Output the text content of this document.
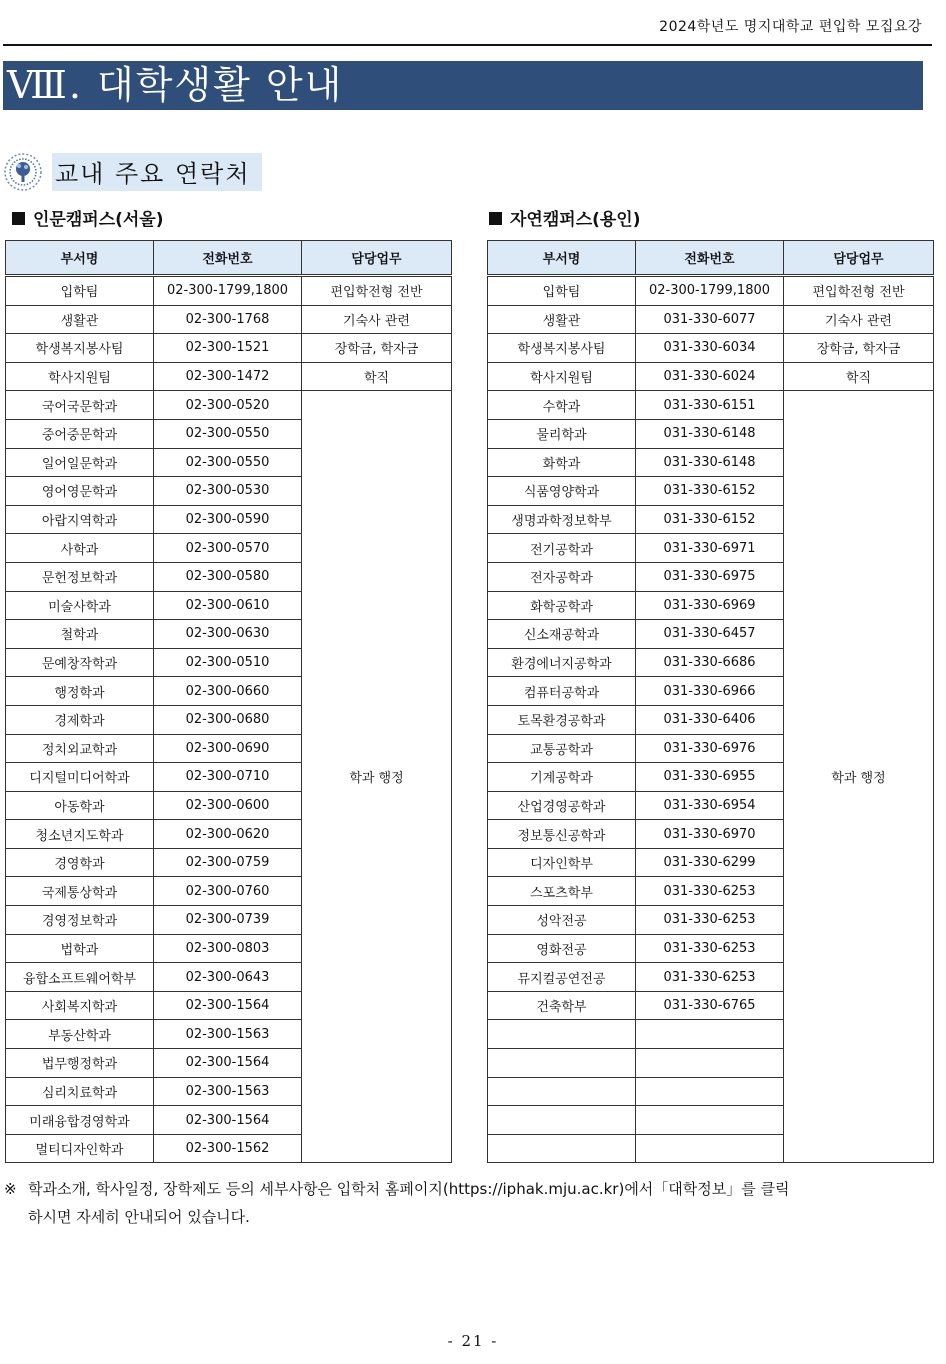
2024학년도 명지대학교 편입학 모집요강
Ⅷ. 대학생활 안내
교내 주요 연락처
인문캠퍼스(서울)	자연캠퍼스(용인)
부서명	전화번호	담당업무
입학팀	02-300-1799,1800	편입학전형 전반
생활관	02-300-1768	기숙사 관련
학생복지봉사팀	02-300-1521	장학금, 학자금
학사지원팀	02-300-1472	학직
국어국문학과	02-300-0520	학과 행정
중어중문학과	02-300-0550	
일어일문학과	02-300-0550	
영어영문학과	02-300-0530	
아랍지역학과	02-300-0590	
사학과	02-300-0570	
문헌정보학과	02-300-0580	
미술사학과	02-300-0610	
철학과	02-300-0630	
문예창작학과	02-300-0510	
행정학과	02-300-0660	
경제학과	02-300-0680	
정치외교학과	02-300-0690	
디지털미디어학과	02-300-0710	
아동학과	02-300-0600	
청소년지도학과	02-300-0620	
경영학과	02-300-0759	
국제통상학과	02-300-0760	
경영정보학과	02-300-0739	
법학과	02-300-0803	
융합소프트웨어학부	02-300-0643	
사회복지학과	02-300-1564	
부동산학과	02-300-1563	
법무행정학과	02-300-1564	
심리치료학과	02-300-1563	
미래융합경영학과	02-300-1564	
멀티디자인학과	02-300-1562	
부서명	전화번호	담당업무
입학팀	02-300-1799,1800	편입학전형 전반
생활관	031-330-6077	기숙사 관련
학생복지봉사팀	031-330-6034	장학금, 학자금
학사지원팀	031-330-6024	학직
수학과	031-330-6151	학과 행정
물리학과	031-330-6148	
화학과	031-330-6148	
식품영양학과	031-330-6152	
생명과학정보학부	031-330-6152	
전기공학과	031-330-6971	
전자공학과	031-330-6975	
화학공학과	031-330-6969	
신소재공학과	031-330-6457	
환경에너지공학과	031-330-6686	
컴퓨터공학과	031-330-6966	
토목환경공학과	031-330-6406	
교통공학과	031-330-6976	
기계공학과	031-330-6955	
산업경영공학과	031-330-6954	
정보통신공학과	031-330-6970	
디자인학부	031-330-6299	
스포츠학부	031-330-6253	
성악전공	031-330-6253	
영화전공	031-330-6253	
뮤지컬공연전공	031-330-6253	
건축학부	031-330-6765	

※ 학과소개, 학사일정, 장학제도 등의 세부사항은 입학처 홈페이지(https://iphak.mju.ac.kr)에서「대학정보」를 클릭
하시면 자세히 안내되어 있습니다.
- 21 -
